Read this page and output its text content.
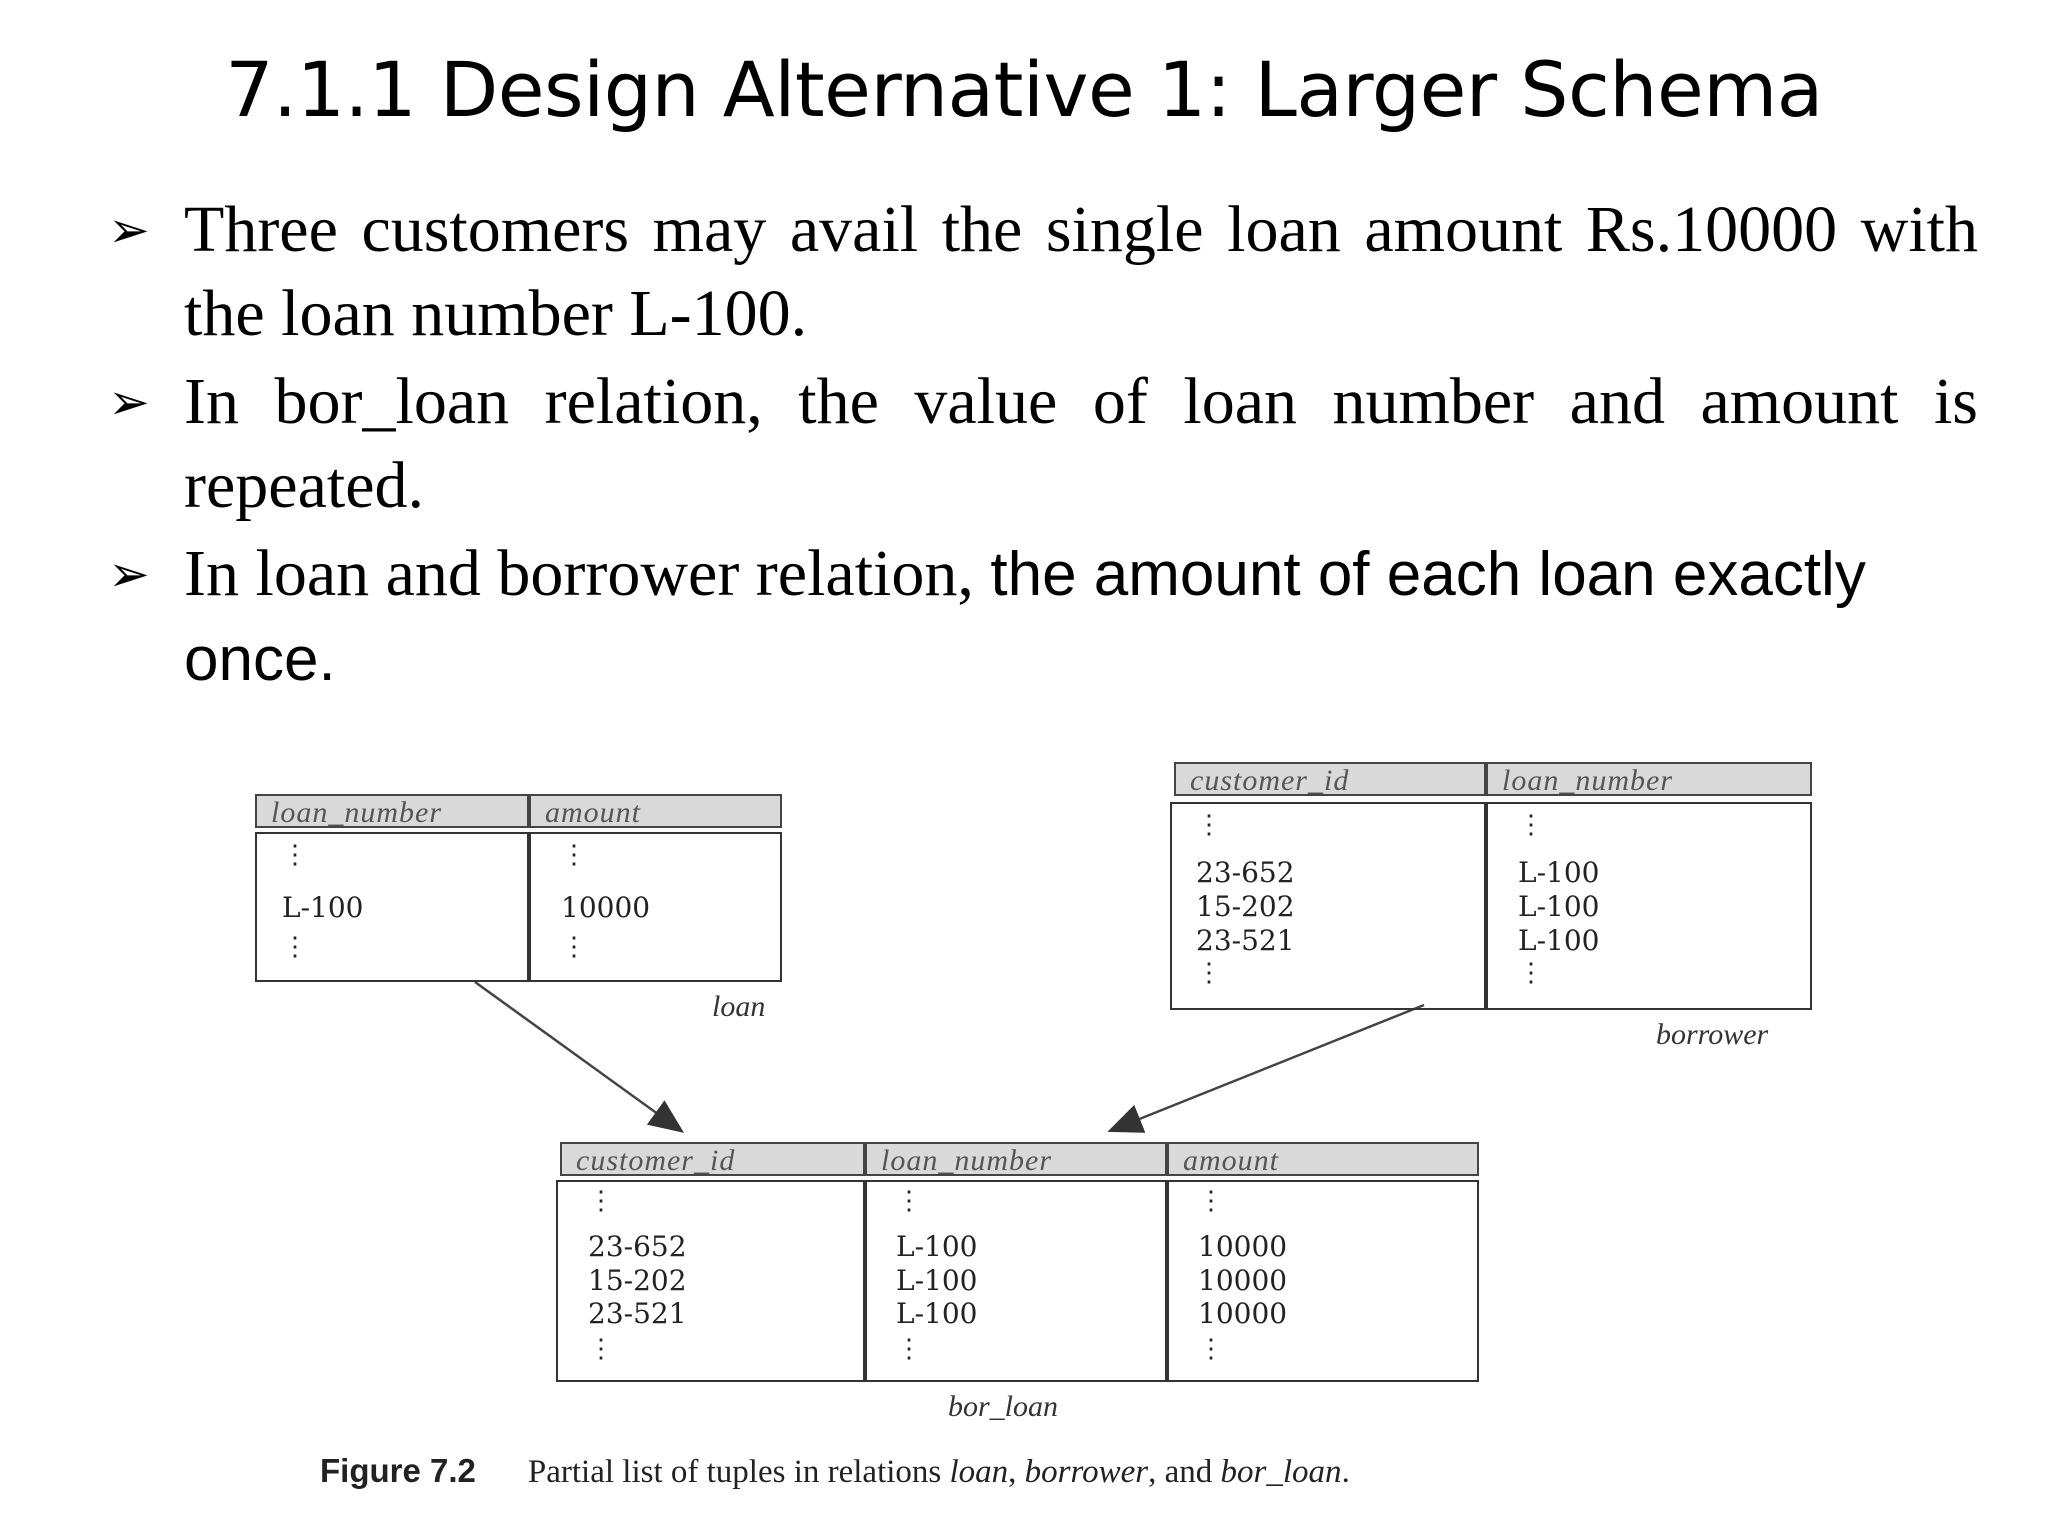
7.1.1 Design Alternative 1: Larger Schema
➢ Three customers may avail the single loan amount Rs.10000 with the loan number L-100.
➢ In bor_loan relation, the value of loan number and amount is repeated.
➢ In loan and borrower relation, the amount of each loan exactly once.
loan_number	amount
⋮	⋮
L-100	10000
⋮	⋮
loan
customer_id	loan_number
⋮	⋮
23-652	L-100
15-202	L-100
23-521	L-100
⋮	⋮
borrower
customer_id	loan_number	amount
⋮	⋮	⋮
23-652	L-100	10000
15-202	L-100	10000
23-521	L-100	10000
⋮	⋮	⋮
bor_loan
Figure 7.2 Partial list of tuples in relations loan, borrower, and bor_loan.
